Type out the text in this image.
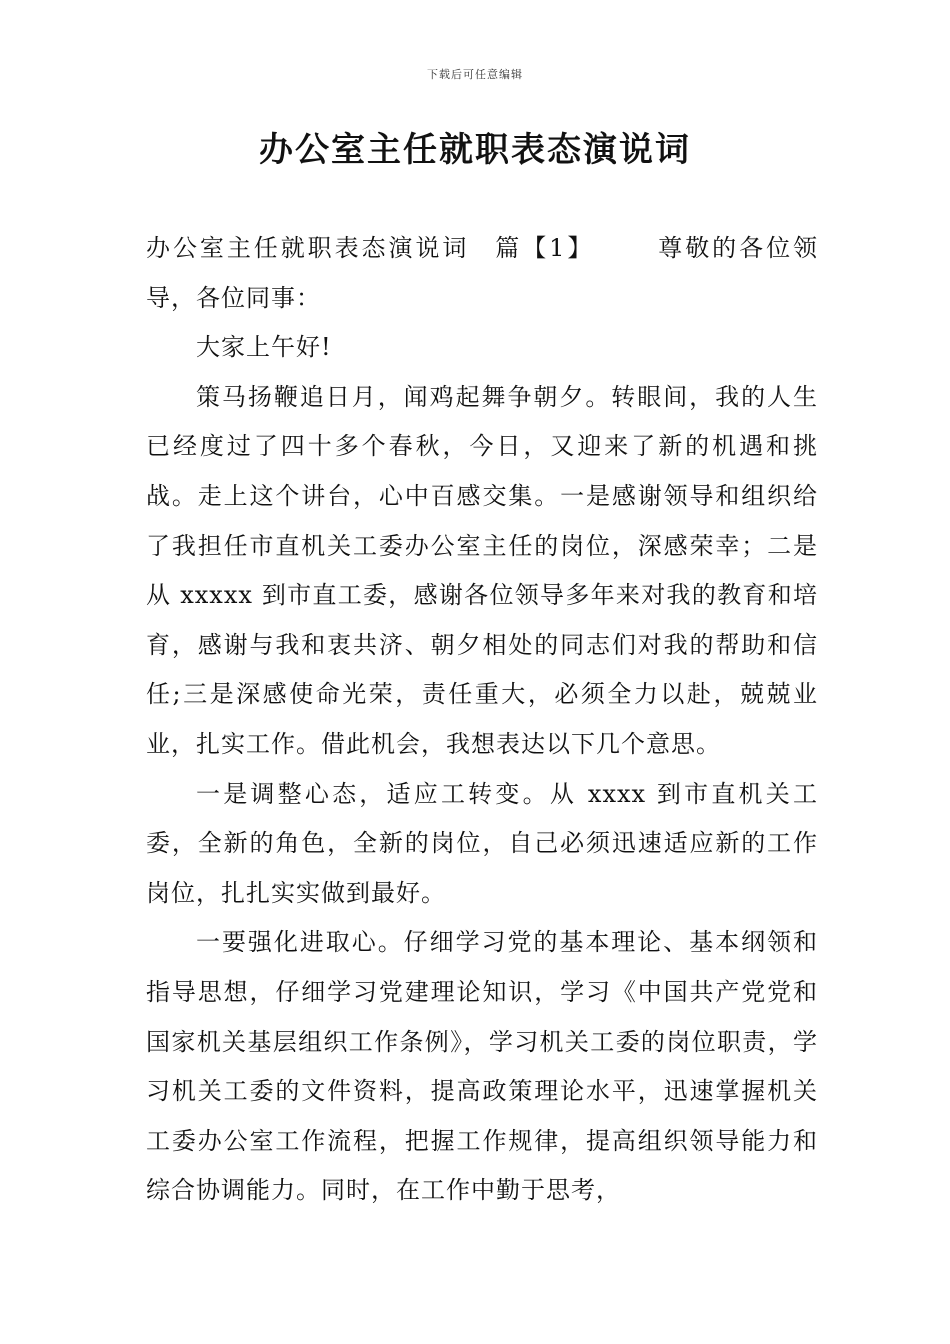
下载后可任意编辑
办公室主任就职表态演说词

办公室主任就职表态演说词 篇【1】	尊敬的各位领导，各位同事：

大家上午好!

策马扬鞭追日月，闻鸡起舞争朝夕。转眼间，我的人生已经度过了四十多个春秋，今日，又迎来了新的机遇和挑战。走上这个讲台，心中百感交集。一是感谢领导和组织给了我担任市直机关工委办公室主任的岗位，深感荣幸；二是从 xxxxx 到市直工委，感谢各位领导多年来对我的教育和培育，感谢与我和衷共济、朝夕相处的同志们对我的帮助和信任;三是深感使命光荣，责任重大，必须全力以赴，兢兢业业，扎实工作。借此机会，我想表达以下几个意思。

一是调整心态，适应工转变。从 xxxx 到市直机关工委，全新的角色，全新的岗位，自己必须迅速适应新的工作岗位，扎扎实实做到最好。

一要强化进取心。仔细学习党的基本理论、基本纲领和指导思想，仔细学习党建理论知识，学习《中国共产党党和国家机关基层组织工作条例》，学习机关工委的岗位职责，学习机关工委的文件资料，提高政策理论水平，迅速掌握机关工委办公室工作流程，把握工作规律，提高组织领导能力和综合协调能力。同时，在工作中勤于思考，
